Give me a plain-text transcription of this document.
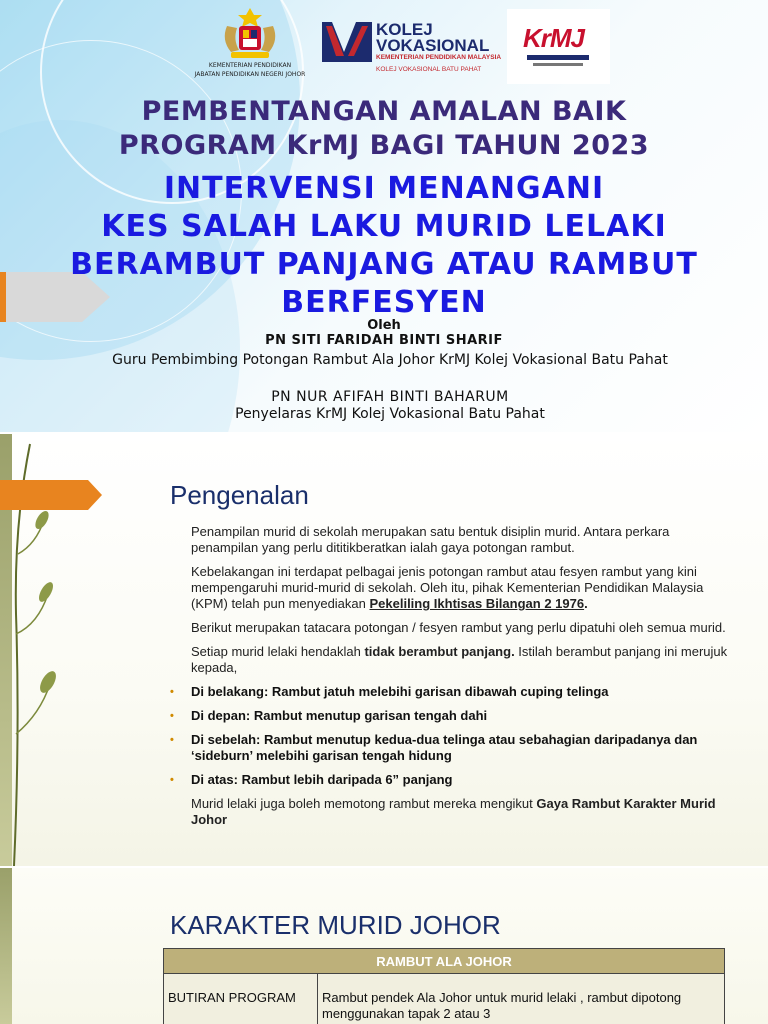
KEMENTERIAN PENDIDIKAN
JABATAN PENDIDIKAN NEGERI JOHOR
KOLEJ
VOKASIONAL
KEMENTERIAN PENDIDIKAN MALAYSIA
KOLEJ VOKASIONAL BATU PAHAT
KrMJ
PEMBENTANGAN AMALAN BAIK
PROGRAM KrMJ BAGI TAHUN 2023
INTERVENSI MENANGANI
KES SALAH LAKU MURID LELAKI
BERAMBUT PANJANG ATAU RAMBUT
BERFESYEN
Oleh
PN SITI FARIDAH BINTI SHARIF
Guru Pembimbing Potongan Rambut Ala Johor KrMJ Kolej Vokasional Batu Pahat
PN NUR AFIFAH BINTI BAHARUM
Penyelaras KrMJ Kolej Vokasional Batu Pahat
Pengenalan
Penampilan murid di sekolah merupakan satu bentuk disiplin murid. Antara perkara penampilan yang perlu dititikberatkan ialah gaya potongan rambut.
Kebelakangan ini terdapat pelbagai jenis potongan rambut atau fesyen rambut yang kini mempengaruhi murid-murid di sekolah. Oleh itu, pihak Kementerian Pendidikan Malaysia (KPM) telah pun menyediakan Pekeliling Ikhtisas Bilangan 2 1976.
Berikut merupakan tatacara potongan / fesyen rambut yang perlu dipatuhi oleh semua murid.
Setiap murid lelaki hendaklah tidak berambut panjang. Istilah berambut panjang ini merujuk kepada,
• Di belakang: Rambut jatuh melebihi garisan dibawah cuping telinga
• Di depan: Rambut menutup garisan tengah dahi
• Di sebelah: Rambut menutup kedua-dua telinga atau sebahagian daripadanya dan ‘sideburn’ melebihi garisan tengah hidung
• Di atas: Rambut lebih daripada 6” panjang
Murid lelaki juga boleh memotong rambut mereka mengikut Gaya Rambut Karakter Murid Johor
KARAKTER MURID JOHOR
RAMBUT ALA JOHOR
BUTIRAN PROGRAM	Rambut pendek Ala Johor untuk murid lelaki , rambut dipotong menggunakan tapak 2 atau 3
